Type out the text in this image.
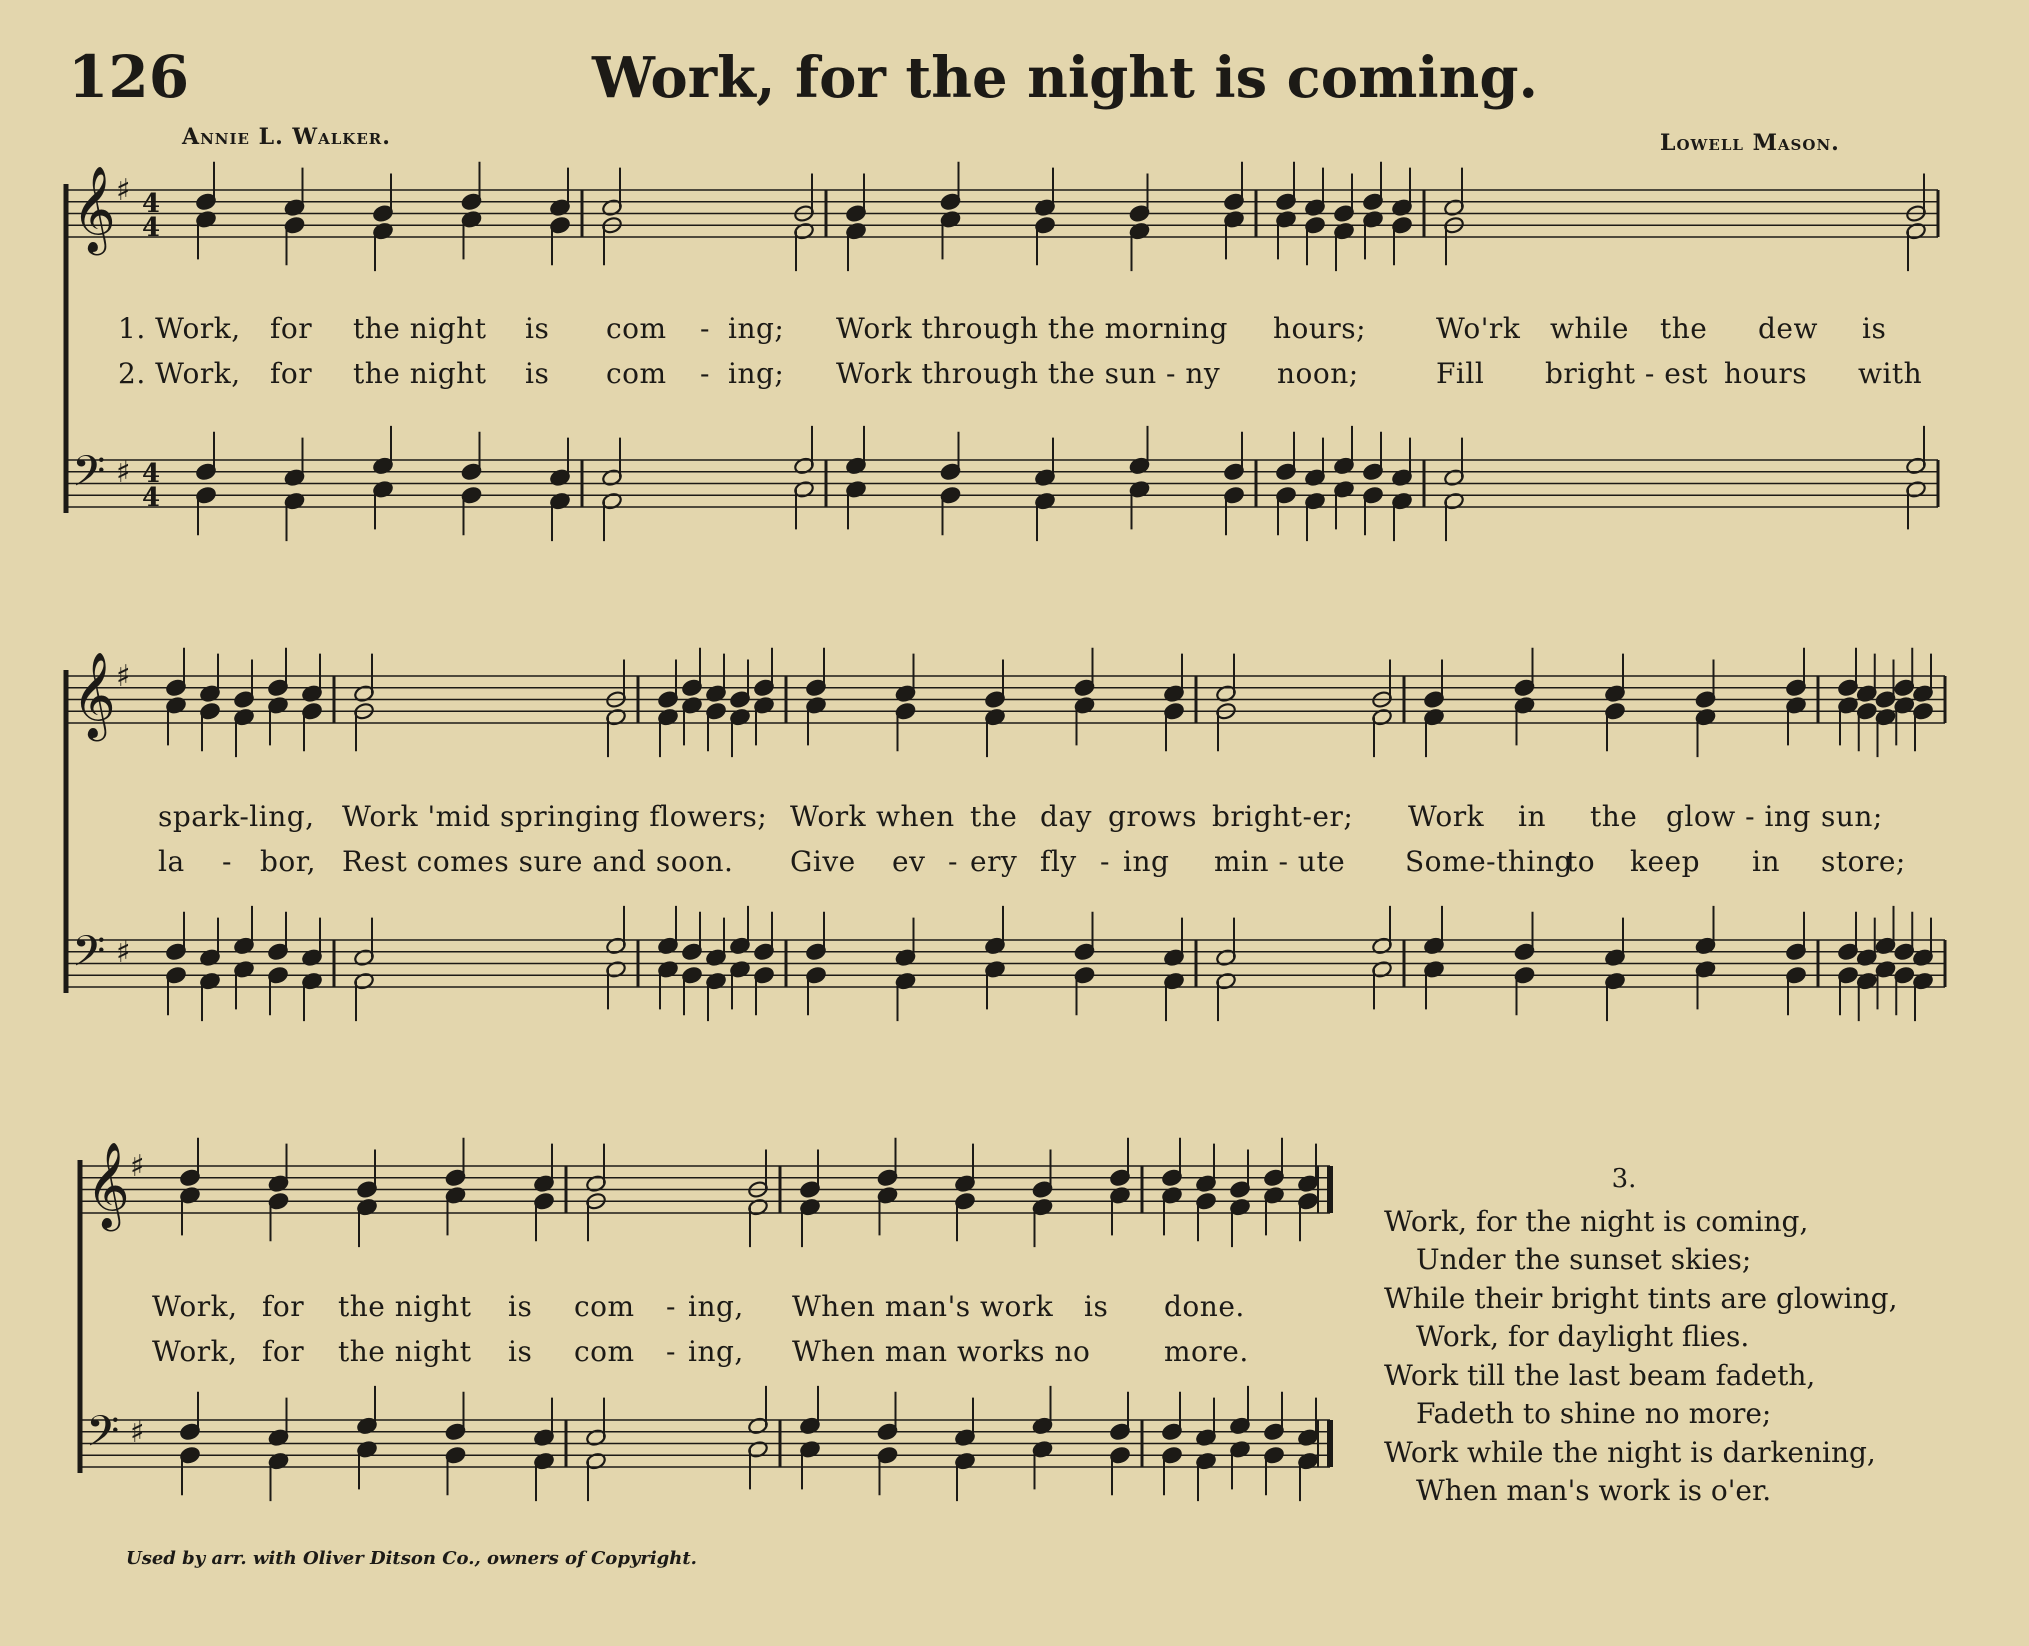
126	Work, for the night is coming.
Annie L. Walker.	Lowell Mason.
𝄞
𝄢
♯
♯
4
4
4
4
𝄞
𝄢
♯
♯
𝄞
𝄢
♯
♯
1. Work, for the night is com - ing; Work through the morning hours; Wo'rk while the dew is
2. Work, for the night is com - ing; Work through the sun - ny noon;	Fill bright - est hours with
spark-ling, Work 'mid springing flowers; Work when the day grows bright-er; Work in the glow - ing sun;
la - bor, Rest comes sure and soon. Give ev - ery fly - ing min - ute Some-thing
to keep in store;
Work, for the night is com - ing, When man's work is done.
Work, for the night is com - ing, When man works no	more.
3.
Work, for the night is coming,
Under the sunset skies;
While their bright tints are glowing,
Work, for daylight flies.
Work till the last beam fadeth,
Fadeth to shine no more;
Work while the night is darkening,
When man's work is o'er.
Used by arr. with Oliver Ditson Co., owners of Copyright.
